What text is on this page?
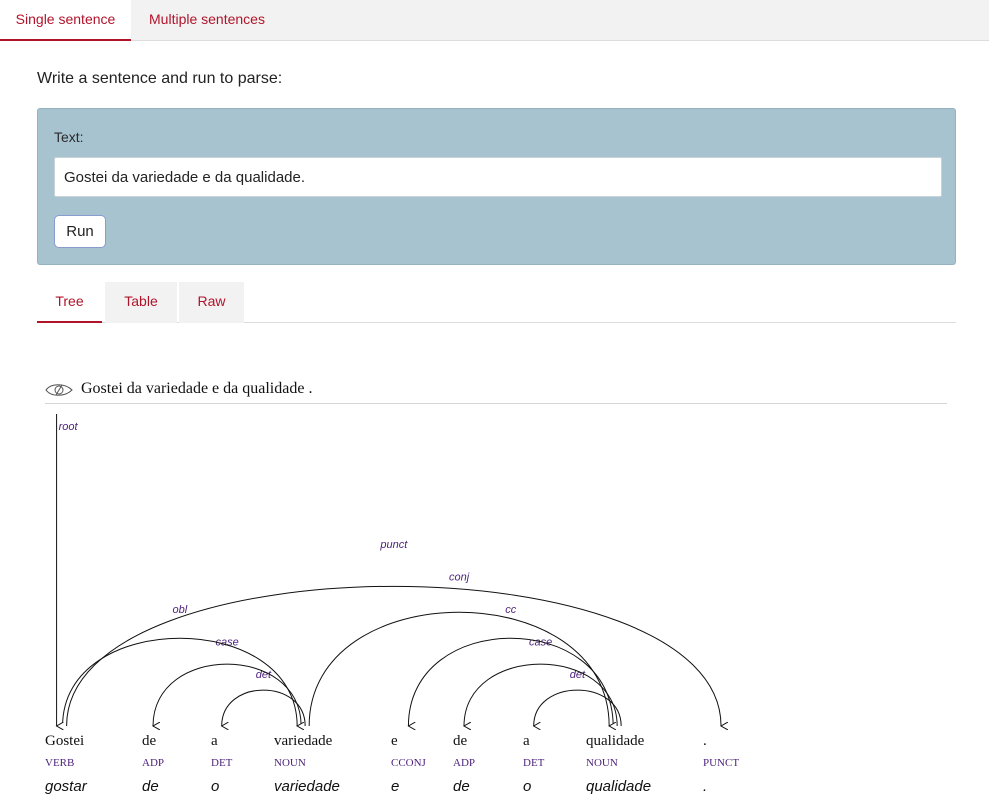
Single sentence	Multiple sentences
Write a sentence and run to parse:
Text:
Gostei da variedade e da qualidade.
Run
Tree	Table	Raw
det	det
case	case
obl	cc
conj
punct
root
Gostei
VERB
gostar
de
ADP
de
a
DET
o
variedade
NOUN
variedade
e
CCONJ
e
de
ADP
de
a
DET
o
qualidade
NOUN
qualidade
.
PUNCT
.
Gostei da variedade e da qualidade .
